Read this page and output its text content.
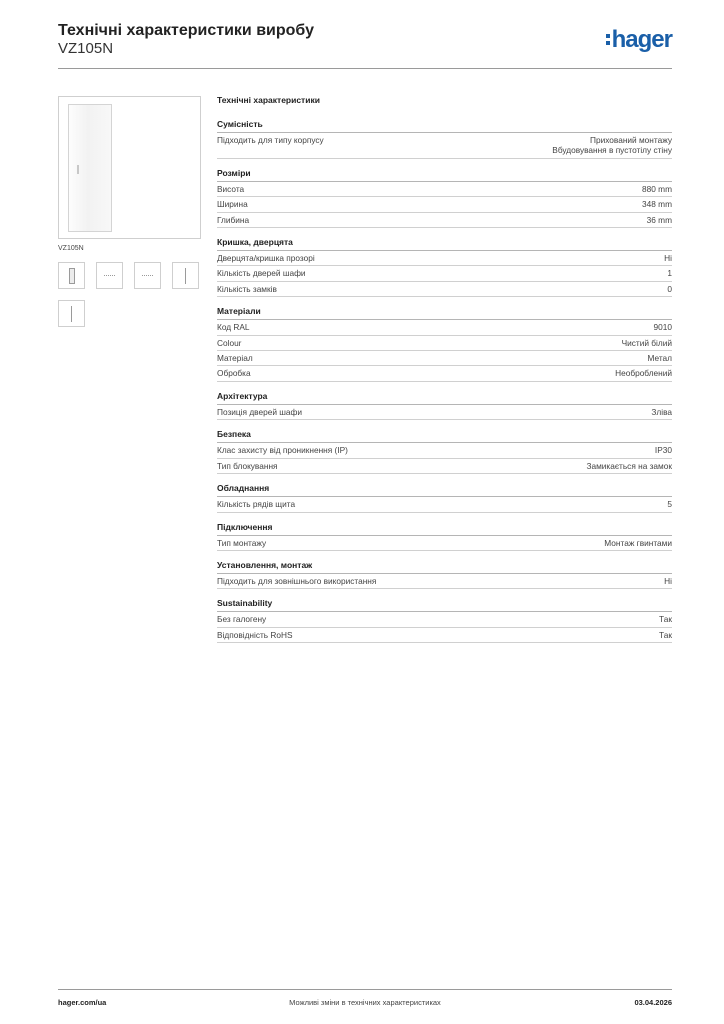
Технічні характеристики виробу
VZ105N	hager
VZ105N
Технічні характеристики
Сумісність
Підходить для типу корпусу	Прихований монтажу
Вбудовування в пустотілу стіну
Розміри
Висота	880 mm
Ширина	348 mm
Глибина	36 mm
Кришка, дверцята
Дверцята/кришка прозорі	Ні
Кількість дверей шафи	1
Кількість замків	0
Матеріали
Код RAL	9010
Colour	Чистий білий
Матеріал	Метал
Обробка	Необроблений
Архітектура
Позиція дверей шафи	Зліва
Безпека
Клас захисту від проникнення (IP)	IP30
Тип блокування	Замикається на замок
Обладнання
Кількість рядів щита	5
Підключення
Тип монтажу	Монтаж гвинтами
Установлення, монтаж
Підходить для зовнішнього використання	Ні
Sustainability
Без галогену	Так
Відповідність RoHS	Так
Можливі зміни в технічних характеристиках
hager.com/ua	03.04.2026
